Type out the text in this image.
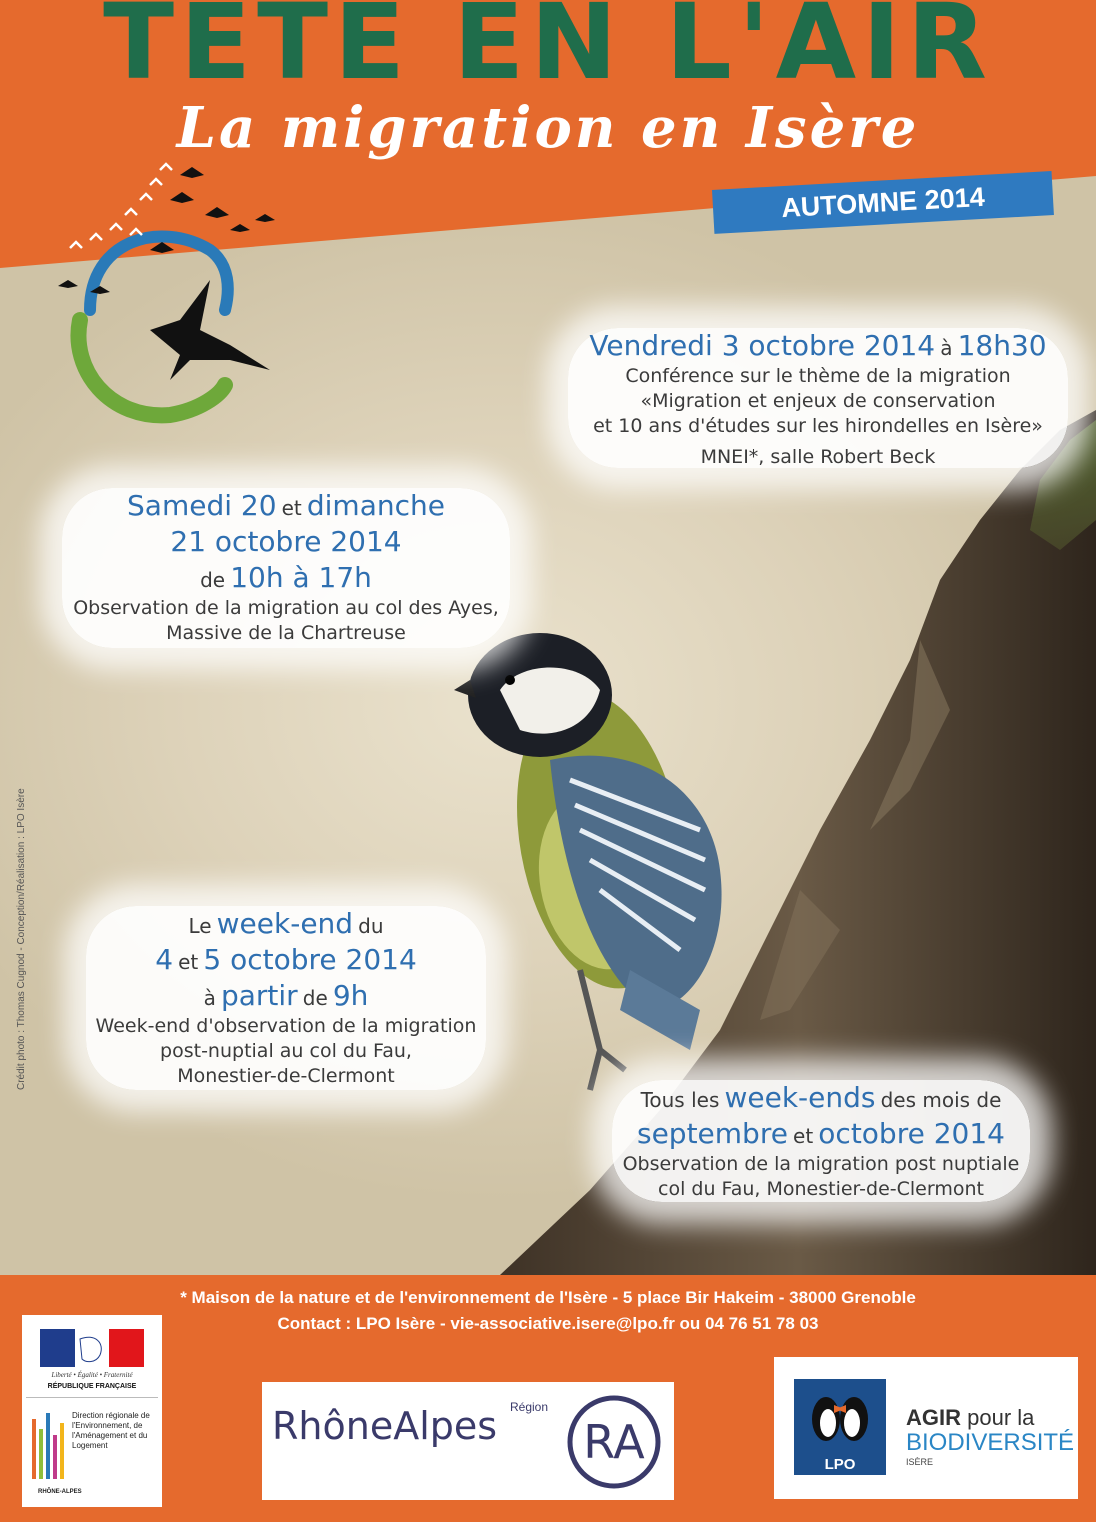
TETE EN L'AIR
La migration en Isère
AUTOMNE 2014
Vendredi 3 octobre 2014 à 18h30
Conférence sur le thème de la migration
«Migration et enjeux de conservation
et 10 ans d'études sur les hirondelles en Isère»
MNEI*, salle Robert Beck
Samedi 20 et dimanche
21 octobre 2014
de 10h à 17h
Observation de la migration au col des Ayes,
Massive de la Chartreuse
Le week-end du
4 et 5 octobre 2014
à partir de 9h
Week-end d'observation de la migration
post-nuptial au col du Fau,
Monestier-de-Clermont
Tous les week-ends des mois de
septembre et octobre 2014
Observation de la migration post nuptiale
col du Fau, Monestier-de-Clermont
Crédit photo : Thomas Cugnod - Conception/Réalisation : LPO Isère
* Maison de la nature et de l'environnement de l'Isère - 5 place Bir Hakeim - 38000 Grenoble
Contact : LPO Isère - vie-associative.isere@lpo.fr ou 04 76 51 78 03
Liberté • Égalité • Fraternité
RÉPUBLIQUE FRANÇAISE
Direction régionale de l'Environnement, de l'Aménagement et du Logement
RHÔNE-ALPES
RhôneAlpes Région
RA	LPO
AGIR pour la
BIODIVERSITÉ
ISÈRE
